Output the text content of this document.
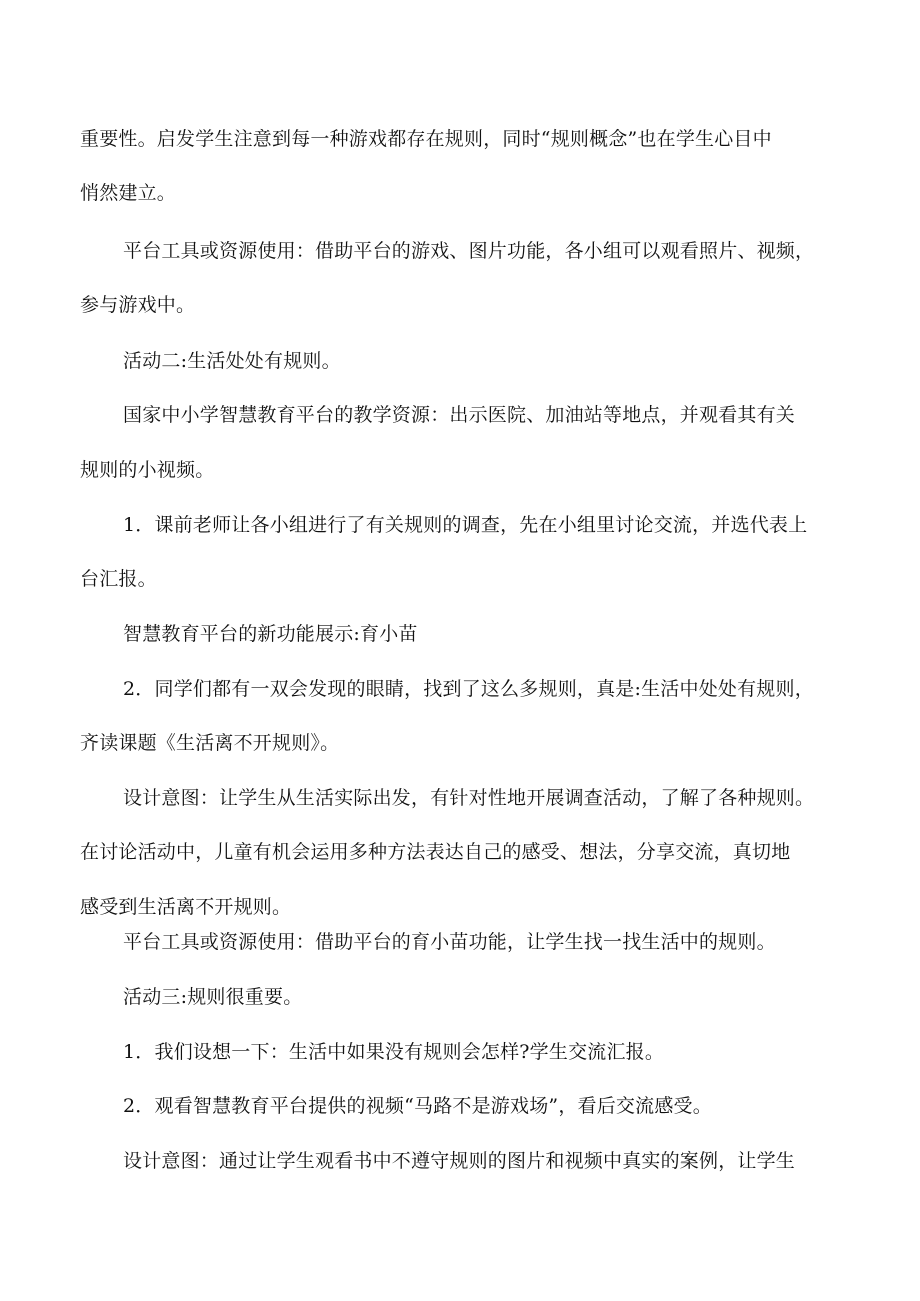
重要性。启发学生注意到每一种游戏都存在规则，同时“规则概念”也在学生心目中
悄然建立。
平台工具或资源使用：借助平台的游戏、图片功能，各小组可以观看照片、视频，
参与游戏中。
活动二:生活处处有规则。
国家中小学智慧教育平台的教学资源：出示医院、加油站等地点，并观看其有关
规则的小视频。
1．课前老师让各小组进行了有关规则的调查，先在小组里讨论交流，并选代表上
台汇报。
智慧教育平台的新功能展示:育小苗
2．同学们都有一双会发现的眼睛，找到了这么多规则，真是:生活中处处有规则，
齐读课题《生活离不开规则》。
设计意图：让学生从生活实际出发，有针对性地开展调查活动，了解了各种规则。
在讨论活动中，儿童有机会运用多种方法表达自己的感受、想法，分享交流，真切地
感受到生活离不开规则。
平台工具或资源使用：借助平台的育小苗功能，让学生找一找生活中的规则。
活动三:规则很重要。
1．我们设想一下：生活中如果没有规则会怎样?学生交流汇报。
2．观看智慧教育平台提供的视频“马路不是游戏场”，看后交流感受。
设计意图：通过让学生观看书中不遵守规则的图片和视频中真实的案例，让学生
